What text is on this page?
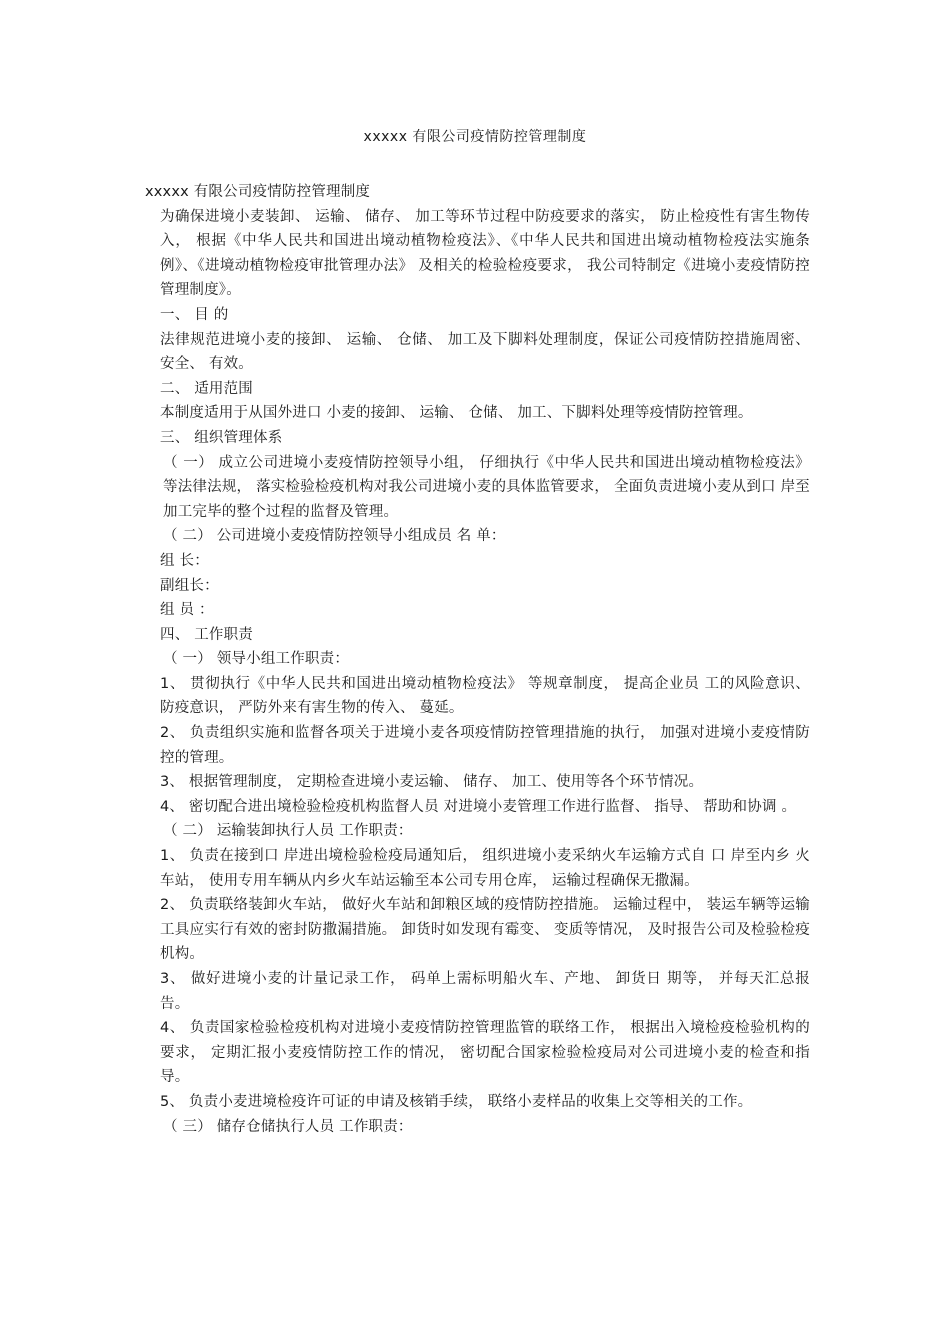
xxxxx 有限公司疫情防控管理制度

xxxxx 有限公司疫情防控管理制度

为确保进境小麦装卸、 运输、 储存、 加工等环节过程中防疫要求的落实， 防止检疫性有害生物传入， 根据《中华人民共和国进出境动植物检疫法》、《中华人民共和国进出境动植物检疫法实施条例》、《进境动植物检疫审批管理办法》 及相关的检验检疫要求， 我公司特制定《进境小麦疫情防控管理制度》。

一、 目 的

法律规范进境小麦的接卸、 运输、 仓储、 加工及下脚料处理制度，保证公司疫情防控措施周密、 安全、 有效。

二、 适用范围

本制度适用于从国外进口 小麦的接卸、 运输、 仓储、 加工、下脚料处理等疫情防控管理。

三、 组织管理体系

（ 一） 成立公司进境小麦疫情防控领导小组， 仔细执行《中华人民共和国进出境动植物检疫法》 等法律法规， 落实检验检疫机构对我公司进境小麦的具体监管要求， 全面负责进境小麦从到口 岸至加工完毕的整个过程的监督及管理。

（ 二） 公司进境小麦疫情防控领导小组成员 名 单：

组 长：

副组长：

组 员 ：

四、 工作职责

（ 一） 领导小组工作职责：

1、 贯彻执行《中华人民共和国进出境动植物检疫法》 等规章制度， 提高企业员 工的风险意识、 防疫意识， 严防外来有害生物的传入、 蔓延。

2、 负责组织实施和监督各项关于进境小麦各项疫情防控管理措施的执行， 加强对进境小麦疫情防控的管理。

3、 根据管理制度， 定期检查进境小麦运输、 储存、 加工、使用等各个环节情况。

4、 密切配合进出境检验检疫机构监督人员 对进境小麦管理工作进行监督、 指导、 帮助和协调 。

（ 二） 运输装卸执行人员 工作职责：

1、 负责在接到口 岸进出境检验检疫局通知后， 组织进境小麦采纳火车运输方式自 口 岸至内乡 火车站， 使用专用车辆从内乡火车站运输至本公司专用仓库， 运输过程确保无撒漏。

2、 负责联络装卸火车站， 做好火车站和卸粮区域的疫情防控措施。 运输过程中， 装运车辆等运输工具应实行有效的密封防撒漏措施。 卸货时如发现有霉变、 变质等情况， 及时报告公司及检验检疫机构。

3、 做好进境小麦的计量记录工作， 码单上需标明船火车、产地、 卸货日 期等， 并每天汇总报告。

4、 负责国家检验检疫机构对进境小麦疫情防控管理监管的联络工作， 根据出入境检疫检验机构的要求， 定期汇报小麦疫情防控工作的情况， 密切配合国家检验检疫局对公司进境小麦的检查和指导。

5、 负责小麦进境检疫许可证的申请及核销手续， 联络小麦样品的收集上交等相关的工作。

（ 三） 储存仓储执行人员 工作职责：
